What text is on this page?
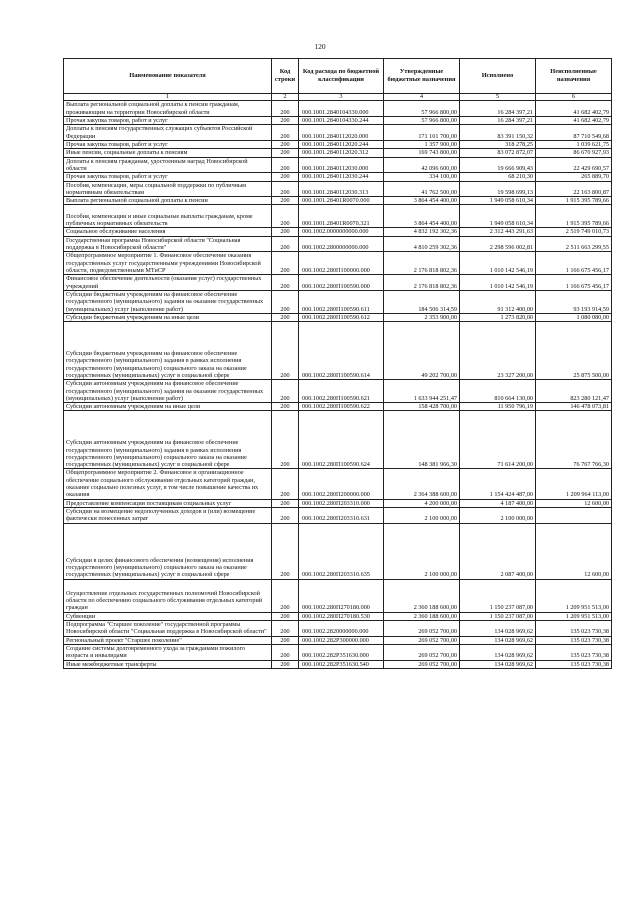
120
Наименование показателя	Код строки	Код расхода по бюджетной классификации	Утвержденные бюджетные назначения	Исполнено	Неисполненные назначения
1	2	3	4	5	6
Выплата региональной социальной доплаты к пенсии гражданам, проживающим на территории Новосибирской области	200	000.1001.2840104330.000	57 966 800,00	16 284 397,21	41 682 402,79
Прочая закупка товаров, работ и услуг	200	000.1001.2840104330.244	57 966 800,00	16 284 397,21	41 682 402,79
Доплаты к пенсиям государственных служащих субъектов Российской Федерации	200	000.1001.2840112020.000	171 101 700,00	83 391 150,32	87 710 549,68
Прочая закупка товаров, работ и услуг	200	000.1001.2840112020.244	1 357 900,00	318 278,25	1 039 621,75
Иные пенсии, социальные доплаты к пенсиям	200	000.1001.2840112020.312	169 743 800,00	83 072 872,07	86 670 927,93
Доплаты к пенсиям гражданам, удостоенным наград Новосибирской области	200	000.1001.2840112030.000	42 096 600,00	19 666 909,43	22 429 690,57
Прочая закупка товаров, работ и услуг	200	000.1001.2840112030.244	334 100,00	68 210,30	265 889,70
Пособия, компенсации, меры социальной поддержки по публичным нормативным обязательствам	200	000.1001.2840112030.313	41 762 500,00	19 598 699,13	22 163 800,87
Выплата региональной социальной доплаты к пенсии	200	000.1001.28401R0070.000	3 864 454 400,00	1 949 058 610,34	1 915 395 789,66
Пособия, компенсации и иные социальные выплаты гражданам, кроме публичных нормативных обязательств	200	000.1001.28401R0070.321	3 864 454 400,00	1 949 058 610,34	1 915 395 789,66
Социальное обслуживание населения	200	000.1002.0000000000.000	4 832 192 302,36	2 312 443 291,63	2 519 749 010,73
Государственная программа Новосибирской области "Социальная поддержка в Новосибирской области"	200	000.1002.2800000000.000	4 810 259 302,36	2 298 596 002,81	2 511 663 299,55
Общепрограммное мероприятие 1. Финансовое обеспечение оказания государственных услуг государственными учреждениями Новосибирской области, подведомственными МТиСР	200	000.1002.280П100000.000	2 176 818 802,36	1 010 142 546,19	1 166 675 456,17
Финансовое обеспечение деятельности (оказания услуг) государственных учреждений	200	000.1002.280П100590.000	2 176 818 802,36	1 010 142 546,19	1 166 675 456,17
Субсидии бюджетным учреждениям на финансовое обеспечение государственного (муниципального) задания на оказание государственных (муниципальных) услуг (выполнение работ)	200	000.1002.280П100590.611	184 506 314,59	91 312 400,00	93 193 914,59
Субсидии бюджетным учреждениям на иные цели	200	000.1002.280П100590.612	2 353 900,00	1 273 820,00	1 080 080,00
Субсидии бюджетным учреждениям на финансовое обеспечение государственного (муниципального) задания в рамках исполнения государственного (муниципального) социального заказа на оказание государственных (муниципальных) услуг в социальной сфере	200	000.1002.280П100590.614	49 202 700,00	23 327 200,00	25 875 500,00
Субсидии автономным учреждениям на финансовое обеспечение государственного (муниципального) задания на оказание государственных (муниципальных) услуг (выполнение работ)	200	000.1002.280П100590.621	1 633 944 251,47	810 664 130,00	823 280 121,47
Субсидии автономным учреждениям на иные цели	200	000.1002.280П100590.622	158 428 700,00	11 950 796,19	146 478 073,81
Субсидии автономным учреждениям на финансовое обеспечение государственного (муниципального) задания в рамках исполнения государственного (муниципального) социального заказа на оказание государственных (муниципальных) услуг в социальной сфере	200	000.1002.280П100590.624	148 381 966,30	71 614 200,00	76 767 766,30
Общепрограммное мероприятие 2. Финансовое и организационное обеспечение социального обслуживания отдельных категорий граждан, оказание социально полезных услуг, в том числе повышение качества их оказания	200	000.1002.280П200000.000	2 364 388 600,00	1 154 424 487,00	1 209 964 113,00
Предоставление компенсации поставщикам социальных услуг	200	000.1002.280П203310.000	4 200 000,00	4 187 400,00	12 600,00
Субсидии на возмещение недополученных доходов и (или) возмещение фактически понесенных затрат	200	000.1002.280П203310.631	2 100 000,00	2 100 000,00	
Субсидии в целях финансового обеспечения (возмещения) исполнения государственного (муниципального) социального заказа на оказание государственных (муниципальных) услуг в социальной сфере	200	000.1002.280П203310.635	2 100 000,00	2 087 400,00	12 600,00
Осуществление отдельных государственных полномочий Новосибирской области по обеспечению социального обслуживания отдельных категорий граждан	200	000.1002.280П270180.000	2 360 188 600,00	1 150 237 087,00	1 209 951 513,00
Субвенции	200	000.1002.280П270180.530	2 360 188 600,00	1 150 237 087,00	1 209 951 513,00
Подпрограмма "Старшее поколение" государственной программы Новосибирской области "Социальная поддержка в Новосибирской области"	200	000.1002.2820000000.000	269 052 700,00	134 028 969,62	135 023 730,38
Региональный проект "Старшее поколение"	200	000.1002.282P300000.000	269 052 700,00	134 028 969,62	135 023 730,38
Создание системы долговременного ухода за гражданами пожилого возраста и инвалидами	200	000.1002.282P351630.000	269 052 700,00	134 028 969,62	135 023 730,38
Иные межбюджетные трансферты	200	000.1002.282P351630.540	269 052 700,00	134 028 969,62	135 023 730,38
